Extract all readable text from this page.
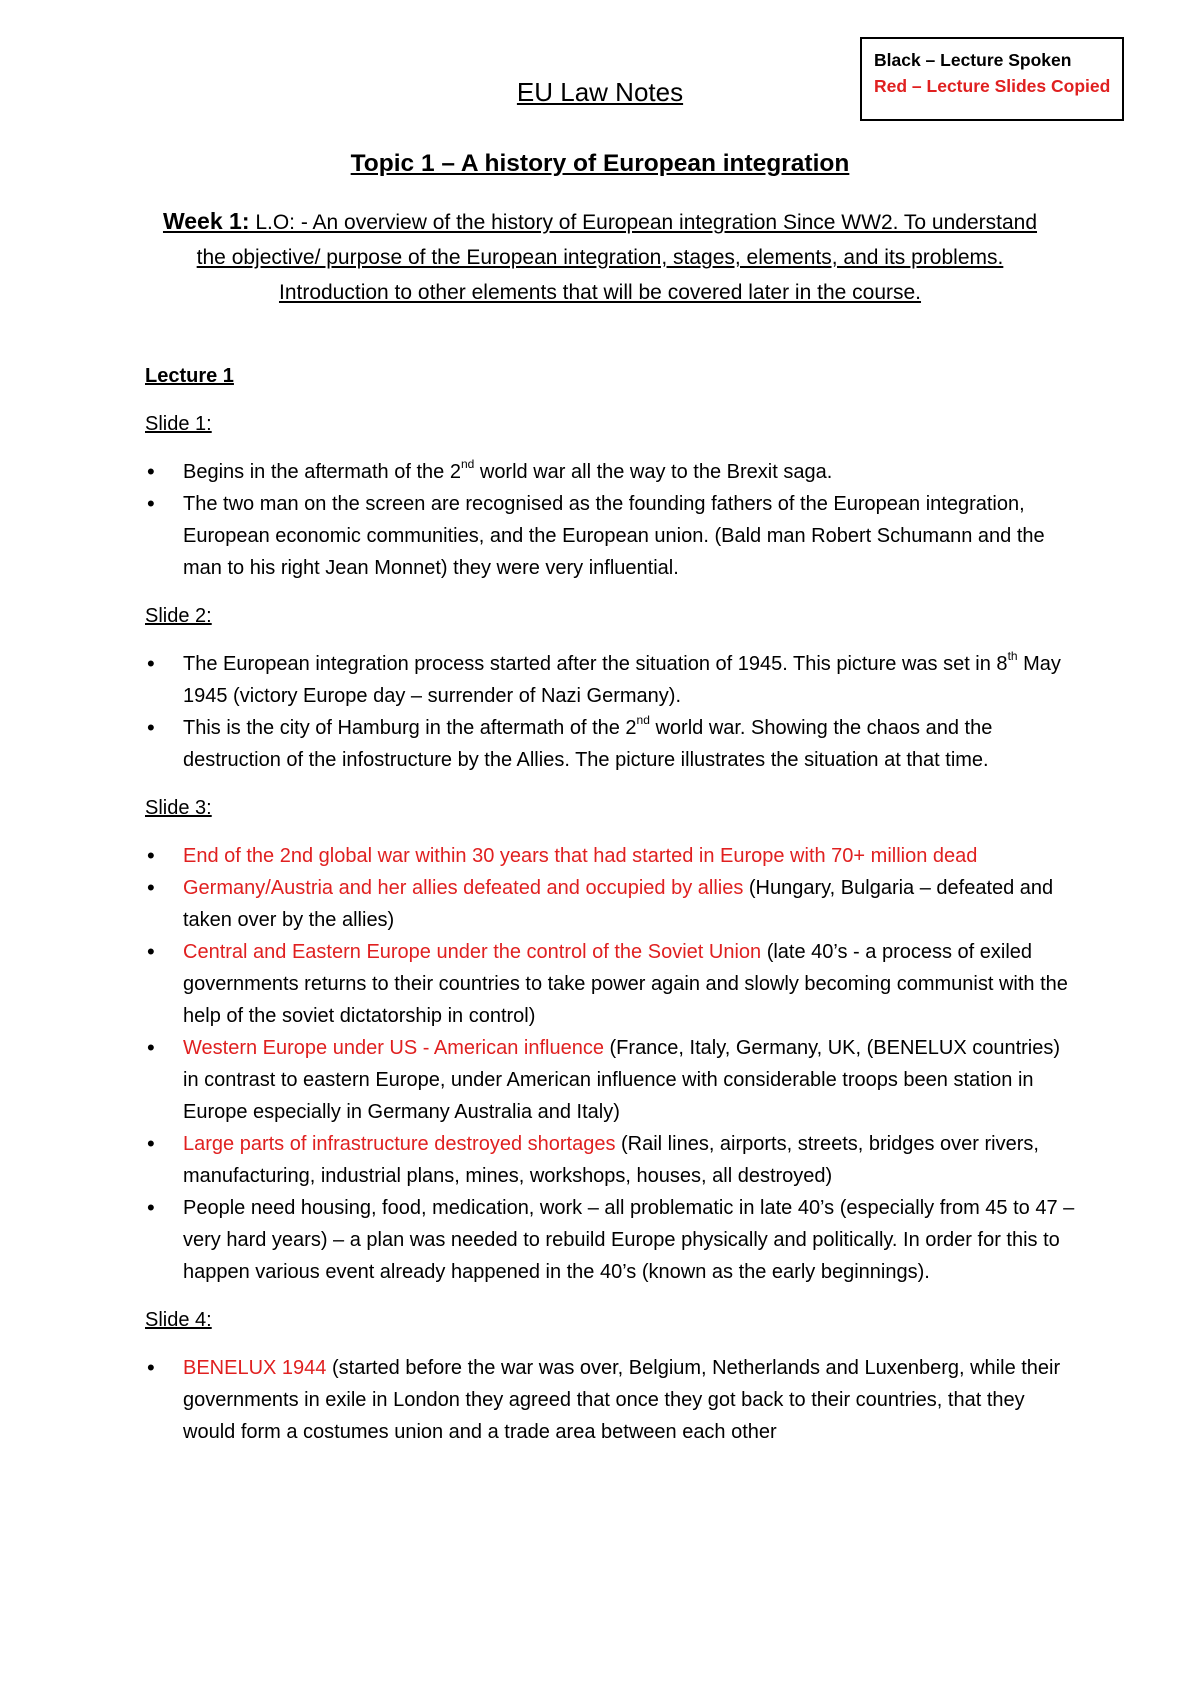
Black – Lecture Spoken
Red – Lecture Slides Copied
EU Law Notes
Topic 1 – A history of European integration
Week 1: L.O: - An overview of the history of European integration Since WW2. To understand the objective/ purpose of the European integration, stages, elements, and its problems. Introduction to other elements that will be covered later in the course.

Lecture 1

Slide 1:

• Begins in the aftermath of the 2nd world war all the way to the Brexit saga.
• The two man on the screen are recognised as the founding fathers of the European integration, European economic communities, and the European union. (Bald man Robert Schumann and the man to his right Jean Monnet) they were very influential.

Slide 2:

• The European integration process started after the situation of 1945. This picture was set in 8th May 1945 (victory Europe day – surrender of Nazi Germany).
• This is the city of Hamburg in the aftermath of the 2nd world war. Showing the chaos and the destruction of the infostructure by the Allies. The picture illustrates the situation at that time.

Slide 3:

• End of the 2nd global war within 30 years that had started in Europe with 70+ million dead
• Germany/Austria and her allies defeated and occupied by allies (Hungary, Bulgaria – defeated and taken over by the allies)
• Central and Eastern Europe under the control of the Soviet Union (late 40’s - a process of exiled governments returns to their countries to take power again and slowly becoming communist with the help of the soviet dictatorship in control)
• Western Europe under US - American influence (France, Italy, Germany, UK, (BENELUX countries) in contrast to eastern Europe, under American influence with considerable troops been station in Europe especially in Germany Australia and Italy)
• Large parts of infrastructure destroyed shortages (Rail lines, airports, streets, bridges over rivers, manufacturing, industrial plans, mines, workshops, houses, all destroyed)
• People need housing, food, medication, work – all problematic in late 40’s (especially from 45 to 47 – very hard years) – a plan was needed to rebuild Europe physically and politically. In order for this to happen various event already happened in the 40’s (known as the early beginnings).

Slide 4:

• BENELUX 1944 (started before the war was over, Belgium, Netherlands and Luxenberg, while their governments in exile in London they agreed that once they got back to their countries, that they would form a costumes union and a trade area between each other
